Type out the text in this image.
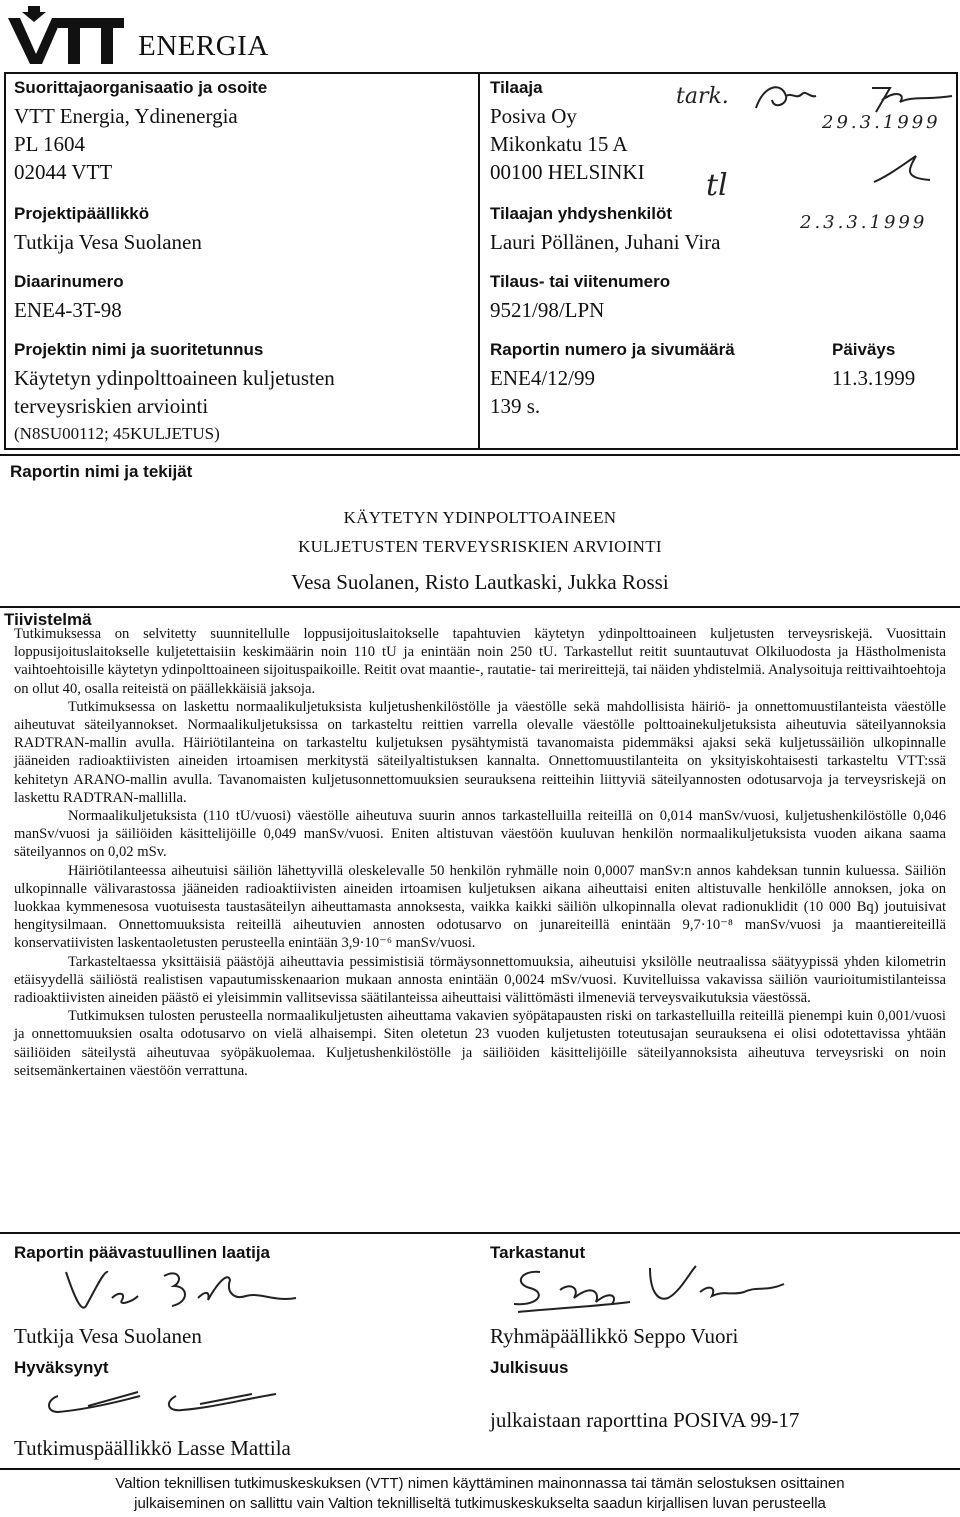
ENERGIA
Suorittajaorganisaatio ja osoite
VTT Energia, Ydinenergia
PL 1604
02044 VTT
Projektipäällikkö
Tutkija Vesa Suolanen
Diaarinumero
ENE4-3T-98
Projektin nimi ja suoritetunnus
Käytetyn ydinpolttoaineen kuljetusten
terveysriskien arviointi
(N8SU00112; 45KULJETUS)
Tilaaja
Posiva Oy
Mikonkatu 15 A
00100 HELSINKI
Tilaajan yhdyshenkilöt
Lauri Pöllänen, Juhani Vira
Tilaus- tai viitenumero
9521/98/LPN
Raportin numero ja sivumäärä
ENE4/12/99
139 s.
Päiväys
11.3.1999
tark.
29.3.1999
tl
2.3.3.1999
Raportin nimi ja tekijät
KÄYTETYN YDINPOLTTOAINEEN
KULJETUSTEN TERVEYSRISKIEN ARVIOINTI
Vesa Suolanen, Risto Lautkaski, Jukka Rossi
Tiivistelmä

Tutkimuksessa on selvitetty suunnitellulle loppusijoituslaitokselle tapahtuvien käytetyn ydinpolttoaineen kuljetusten terveysriskejä. Vuosittain loppusijoituslaitokselle kuljetettaisiin keskimäärin noin 110 tU ja enintään noin 250 tU. Tarkastellut reitit suuntautuvat Olkiluodosta ja Hästholmenista vaihtoehtoisille käytetyn ydinpolttoaineen sijoituspaikoille. Reitit ovat maantie-, rautatie- tai merireittejä, tai näiden yhdistelmiä. Analysoituja reittivaihtoehtoja on ollut 40, osalla reiteistä on päällekkäisiä jaksoja.

Tutkimuksessa on laskettu normaalikuljetuksista kuljetushenkilöstölle ja väestölle sekä mahdollisista häiriö- ja onnettomuustilanteista väestölle aiheutuvat säteilyannokset. Normaalikuljetuksissa on tarkasteltu reittien varrella olevalle väestölle polttoainekuljetuksista aiheutuvia säteilyannoksia RADTRAN-mallin avulla. Häiriötilanteina on tarkasteltu kuljetuksen pysähtymistä tavanomaista pidemmäksi ajaksi sekä kuljetussäiliön ulkopinnalle jääneiden radioaktiivisten aineiden irtoamisen merkitystä säteilyaltistuksen kannalta. Onnettomuustilanteita on yksityiskohtaisesti tarkasteltu VTT:ssä kehitetyn ARANO-mallin avulla. Tavanomaisten kuljetusonnettomuuksien seurauksena reitteihin liittyviä säteilyannosten odotusarvoja ja terveysriskejä on laskettu RADTRAN-mallilla.

Normaalikuljetuksista (110 tU/vuosi) väestölle aiheutuva suurin annos tarkastelluilla reiteillä on 0,014 manSv/vuosi, kuljetushenkilöstölle 0,046 manSv/vuosi ja säiliöiden käsittelijöille 0,049 manSv/vuosi. Eniten altistuvan väestöön kuuluvan henkilön normaalikuljetuksista vuoden aikana saama säteilyannos on 0,02 mSv.

Häiriötilanteessa aiheutuisi säiliön lähettyvillä oleskelevalle 50 henkilön ryhmälle noin 0,0007 manSv:n annos kahdeksan tunnin kuluessa. Säiliön ulkopinnalle välivarastossa jääneiden radioaktiivisten aineiden irtoamisen kuljetuksen aikana aiheuttaisi eniten altistuvalle henkilölle annoksen, joka on luokkaa kymmenesosa vuotuisesta taustasäteilyn aiheuttamasta annoksesta, vaikka kaikki säiliön ulkopinnalla olevat radionuklidit (10 000 Bq) joutuisivat hengitysilmaan. Onnettomuuksista reiteillä aiheutuvien annosten odotusarvo on junareiteillä enintään 9,7·10⁻⁸ manSv/vuosi ja maantiereiteillä konservatiivisten laskentaoletusten perusteella enintään 3,9·10⁻⁶ manSv/vuosi.

Tarkasteltaessa yksittäisiä päästöjä aiheuttavia pessimistisiä törmäysonnettomuuksia, aiheutuisi yksilölle neutraalissa säätyypissä yhden kilometrin etäisyydellä säiliöstä realistisen vapautumisskenaarion mukaan annosta enintään 0,0024 mSv/vuosi. Kuvitelluissa vakavissa säiliön vaurioitumistilanteissa radioaktiivisten aineiden päästö ei yleisimmin vallitsevissa säätilanteissa aiheuttaisi välittömästi ilmeneviä terveysvaikutuksia väestössä.

Tutkimuksen tulosten perusteella normaalikuljetusten aiheuttama vakavien syöpätapausten riski on tarkastelluilla reiteillä pienempi kuin 0,001/vuosi ja onnettomuuksien osalta odotusarvo on vielä alhaisempi. Siten oletetun 23 vuoden kuljetusten toteutusajan seurauksena ei olisi odotettavissa yhtään säiliöiden säteilystä aiheutuvaa syöpäkuolemaa. Kuljetushenkilöstölle ja säiliöiden käsittelijöille säteilyannoksista aiheutuva terveysriski on noin seitsemänkertainen väestöön verrattuna.

Raportin päävastuullinen laatija
Tutkija Vesa Suolanen
Hyväksynyt
Tutkimuspäällikkö Lasse Mattila
Tarkastanut
Ryhmäpäällikkö Seppo Vuori
Julkisuus
julkaistaan raporttina POSIVA 99-17
Valtion teknillisen tutkimuskeskuksen (VTT) nimen käyttäminen mainonnassa tai tämän selostuksen osittainen
julkaiseminen on sallittu vain Valtion teknilliseltä tutkimuskeskukselta saadun kirjallisen luvan perusteella
